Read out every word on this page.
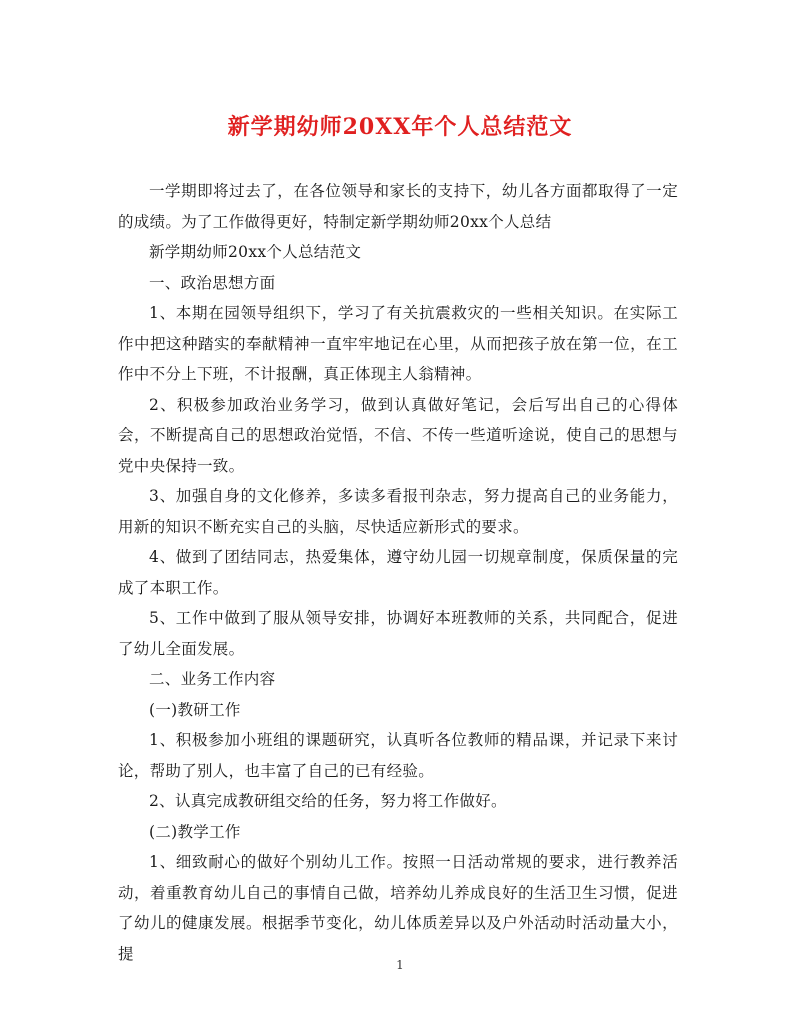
新学期幼师20XX年个人总结范文

一学期即将过去了，在各位领导和家长的支持下，幼儿各方面都取得了一定的成绩。为了工作做得更好，特制定新学期幼师20xx个人总结

新学期幼师20xx个人总结范文

一、政治思想方面

1、本期在园领导组织下，学习了有关抗震救灾的一些相关知识。在实际工作中把这种踏实的奉献精神一直牢牢地记在心里，从而把孩子放在第一位，在工作中不分上下班，不计报酬，真正体现主人翁精神。

2、积极参加政治业务学习，做到认真做好笔记，会后写出自己的心得体会，不断提高自己的思想政治觉悟，不信、不传一些道听途说，使自己的思想与党中央保持一致。

3、加强自身的文化修养，多读多看报刊杂志，努力提高自己的业务能力，用新的知识不断充实自己的头脑，尽快适应新形式的要求。

4、做到了团结同志，热爱集体，遵守幼儿园一切规章制度，保质保量的完成了本职工作。

5、工作中做到了服从领导安排，协调好本班教师的关系，共同配合，促进了幼儿全面发展。

二、业务工作内容

(一)教研工作

1、积极参加小班组的课题研究，认真听各位教师的精品课，并记录下来讨论，帮助了别人，也丰富了自己的已有经验。

2、认真完成教研组交给的任务，努力将工作做好。

(二)教学工作

1、细致耐心的做好个别幼儿工作。按照一日活动常规的要求，进行教养活动，着重教育幼儿自己的事情自己做，培养幼儿养成良好的生活卫生习惯，促进了幼儿的健康发展。根据季节变化，幼儿体质差异以及户外活动时活动量大小，提

1
